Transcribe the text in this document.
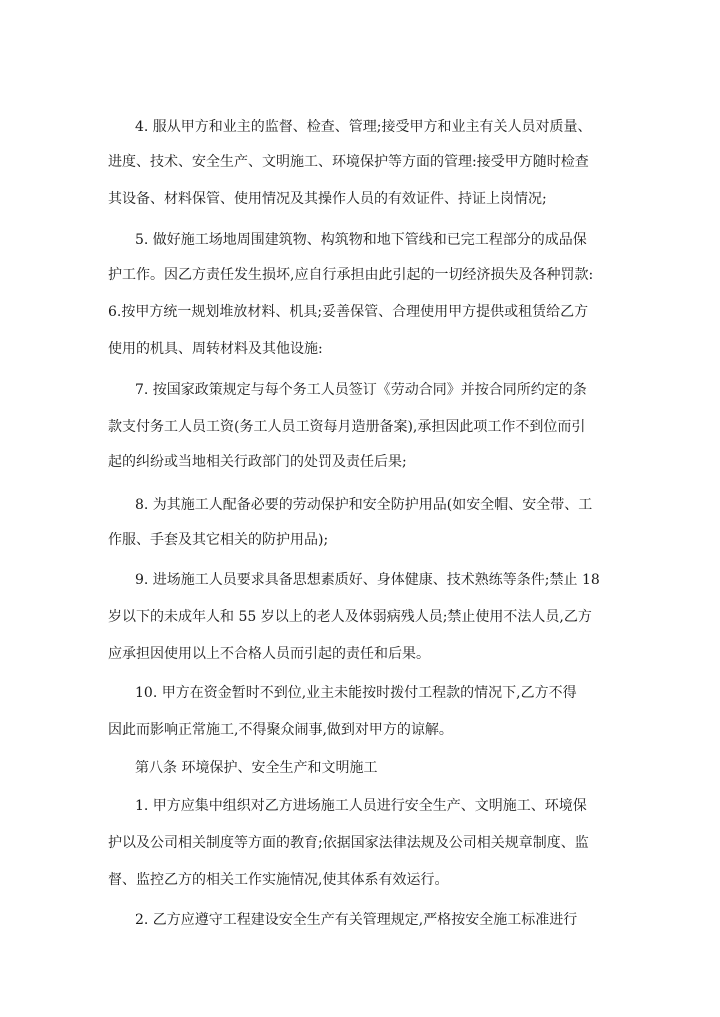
4. 服从甲方和业主的监督、检查、管理;接受甲方和业主有关人员对质量、
进度、技术、安全生产、文明施工、环境保护等方面的管理:接受甲方随时检查
其设备、材料保管、使用情况及其操作人员的有效证件、持证上岗情况;
5. 做好施工场地周围建筑物、构筑物和地下管线和已完工程部分的成品保
护工作。因乙方责任发生损坏,应自行承担由此引起的一切经济损失及各种罚款:
6.按甲方统一规划堆放材料、机具;妥善保管、合理使用甲方提供或租赁给乙方
使用的机具、周转材料及其他设施:
7. 按国家政策规定与每个务工人员签订《劳动合同》并按合同所约定的条
款支付务工人员工资(务工人员工资每月造册备案),承担因此项工作不到位而引
起的纠纷或当地相关行政部门的处罚及责任后果;
8. 为其施工人配备必要的劳动保护和安全防护用品(如安全帽、安全带、工
作服、手套及其它相关的防护用品);
9. 进场施工人员要求具备思想素质好、身体健康、技术熟练等条件;禁止 18
岁以下的未成年人和 55 岁以上的老人及体弱病残人员;禁止使用不法人员,乙方
应承担因使用以上不合格人员而引起的责任和后果。
10. 甲方在资金暂时不到位,业主未能按时拨付工程款的情况下,乙方不得
因此而影响正常施工,不得聚众闹事,做到对甲方的谅解。
第八条 环境保护、安全生产和文明施工
1. 甲方应集中组织对乙方进场施工人员进行安全生产、文明施工、环境保
护以及公司相关制度等方面的教育;依据国家法律法规及公司相关规章制度、监
督、监控乙方的相关工作实施情况,使其体系有效运行。
2. 乙方应遵守工程建设安全生产有关管理规定,严格按安全施工标准进行
